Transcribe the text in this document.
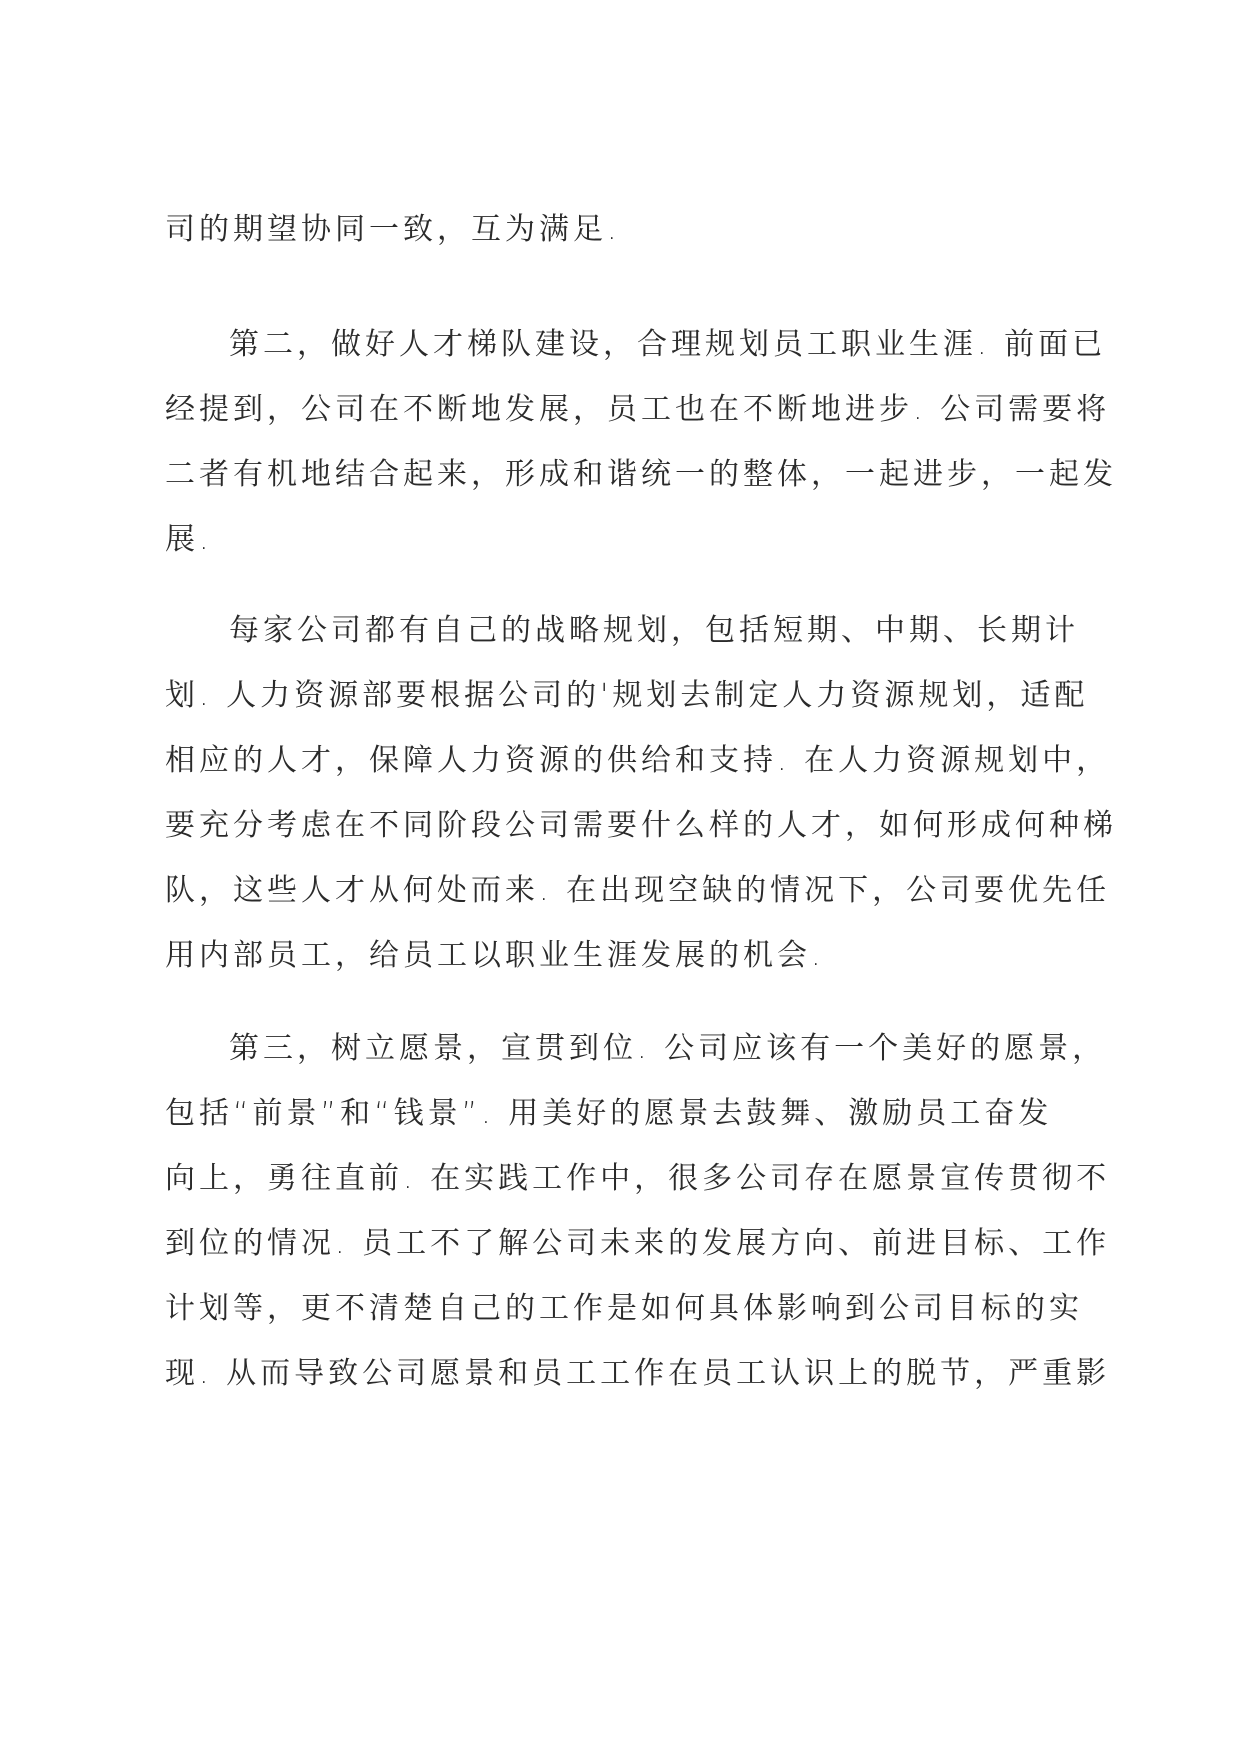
司的期望协同一致，互为满足.
第二，做好人才梯队建设，合理规划员工职业生涯. 前面已
经提到，公司在不断地发展，员工也在不断地进步. 公司需要将
二者有机地结合起来，形成和谐统一的整体，一起进步，一起发
展.
每家公司都有自己的战略规划，包括短期、中期、长期计
划. 人力资源部要根据公司的'规划去制定人力资源规划，适配
相应的人才，保障人力资源的供给和支持. 在人力资源规划中，
要充分考虑在不同阶段公司需要什么样的人才，如何形成何种梯
队，这些人才从何处而来. 在出现空缺的情况下，公司要优先任
用内部员工，给员工以职业生涯发展的机会.
第三，树立愿景，宣贯到位. 公司应该有一个美好的愿景，
包括“前景”和“钱景”. 用美好的愿景去鼓舞、激励员工奋发
向上，勇往直前. 在实践工作中，很多公司存在愿景宣传贯彻不
到位的情况. 员工不了解公司未来的发展方向、前进目标、工作
计划等，更不清楚自己的工作是如何具体影响到公司目标的实
现. 从而导致公司愿景和员工工作在员工认识上的脱节，严重影
